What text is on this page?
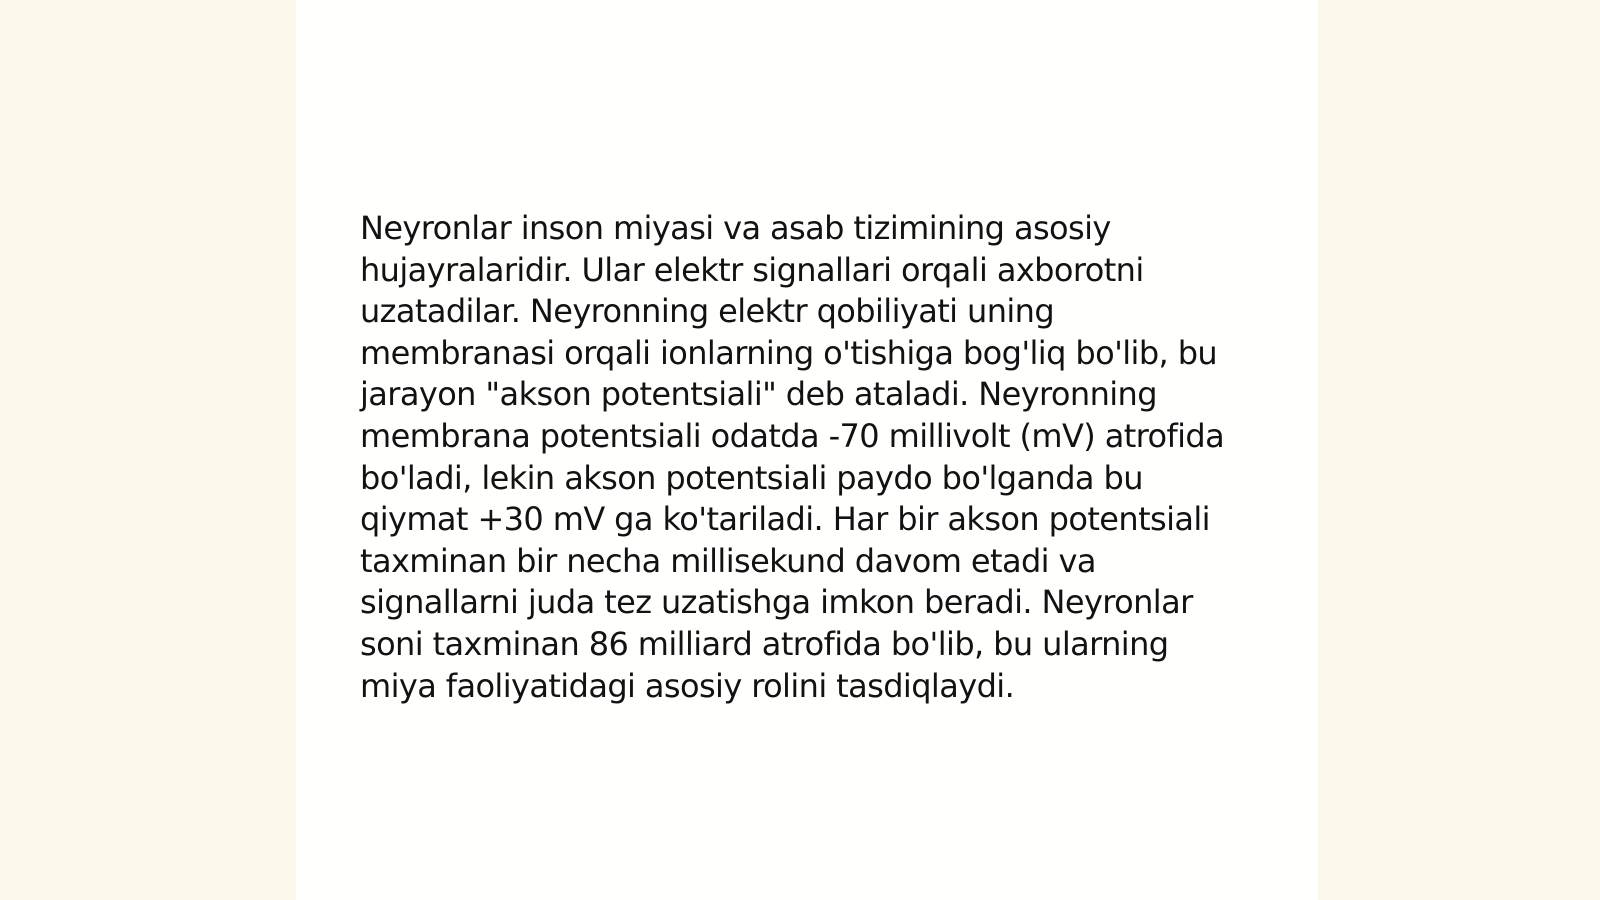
Neyronlar inson miyasi va asab tizimining asosiy hujayralaridir. Ular elektr signallari orqali axborotni uzatadilar. Neyronning elektr qobiliyati uning membranasi orqali ionlarning o'tishiga bog'liq bo'lib, bu jarayon "akson potentsiali" deb ataladi. Neyronning membrana potentsiali odatda -70 millivolt (mV) atrofida bo'ladi, lekin akson potentsiali paydo bo'lganda bu qiymat +30 mV ga ko'tariladi. Har bir akson potentsiali taxminan bir necha millisekund davom etadi va signallarni juda tez uzatishga imkon beradi. Neyronlar soni taxminan 86 milliard atrofida bo'lib, bu ularning miya faoliyatidagi asosiy rolini tasdiqlaydi.
